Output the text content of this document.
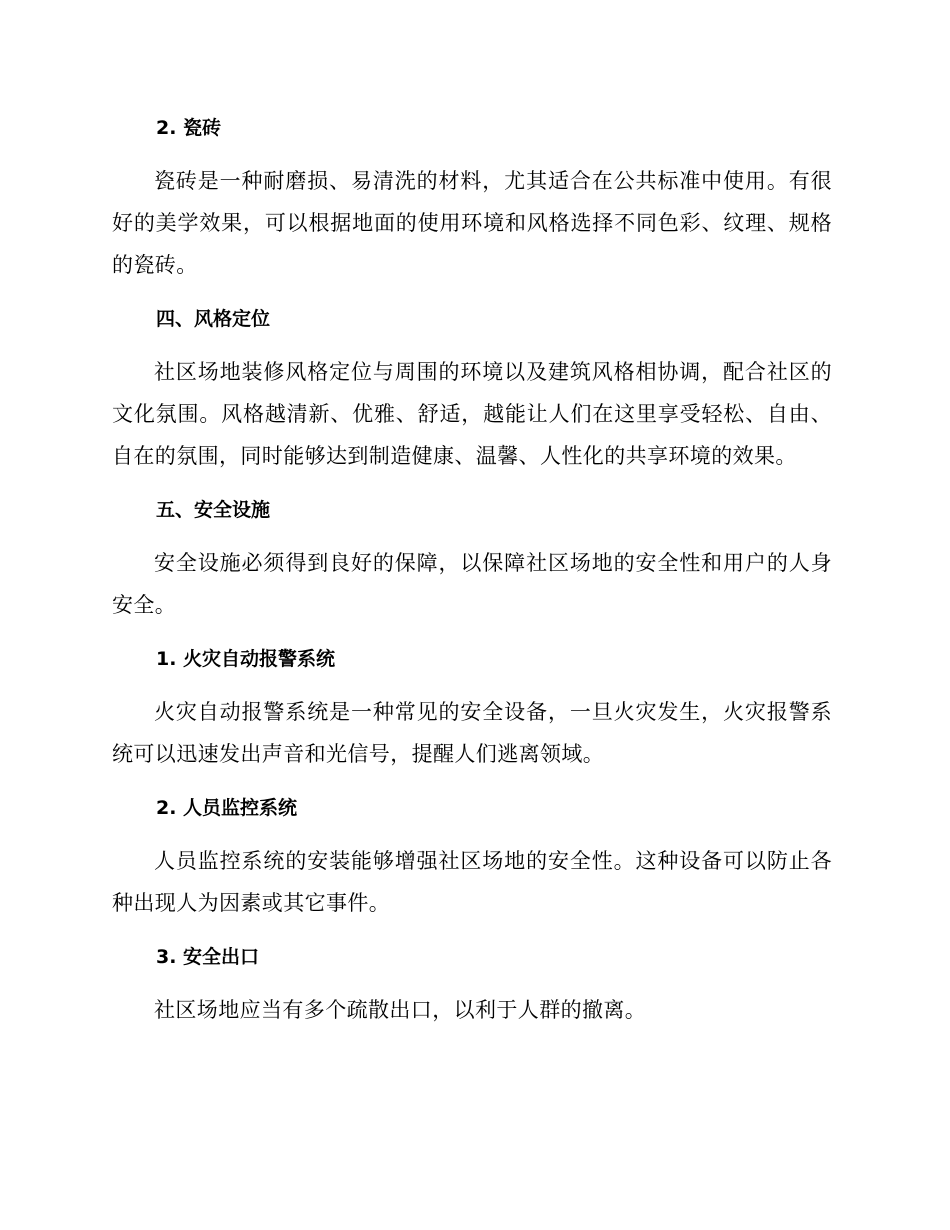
2. 瓷砖

瓷砖是一种耐磨损、易清洗的材料，尤其适合在公共标准中使用。有很好的美学效果，可以根据地面的使用环境和风格选择不同色彩、纹理、规格的瓷砖。

四、风格定位

社区场地装修风格定位与周围的环境以及建筑风格相协调，配合社区的文化氛围。风格越清新、优雅、舒适，越能让人们在这里享受轻松、自由、自在的氛围，同时能够达到制造健康、温馨、人性化的共享环境的效果。

五、安全设施

安全设施必须得到良好的保障，以保障社区场地的安全性和用户的人身安全。

1. 火灾自动报警系统

火灾自动报警系统是一种常见的安全设备，一旦火灾发生，火灾报警系统可以迅速发出声音和光信号，提醒人们逃离领域。

2. 人员监控系统

人员监控系统的安装能够增强社区场地的安全性。这种设备可以防止各种出现人为因素或其它事件。

3. 安全出口

社区场地应当有多个疏散出口，以利于人群的撤离。
